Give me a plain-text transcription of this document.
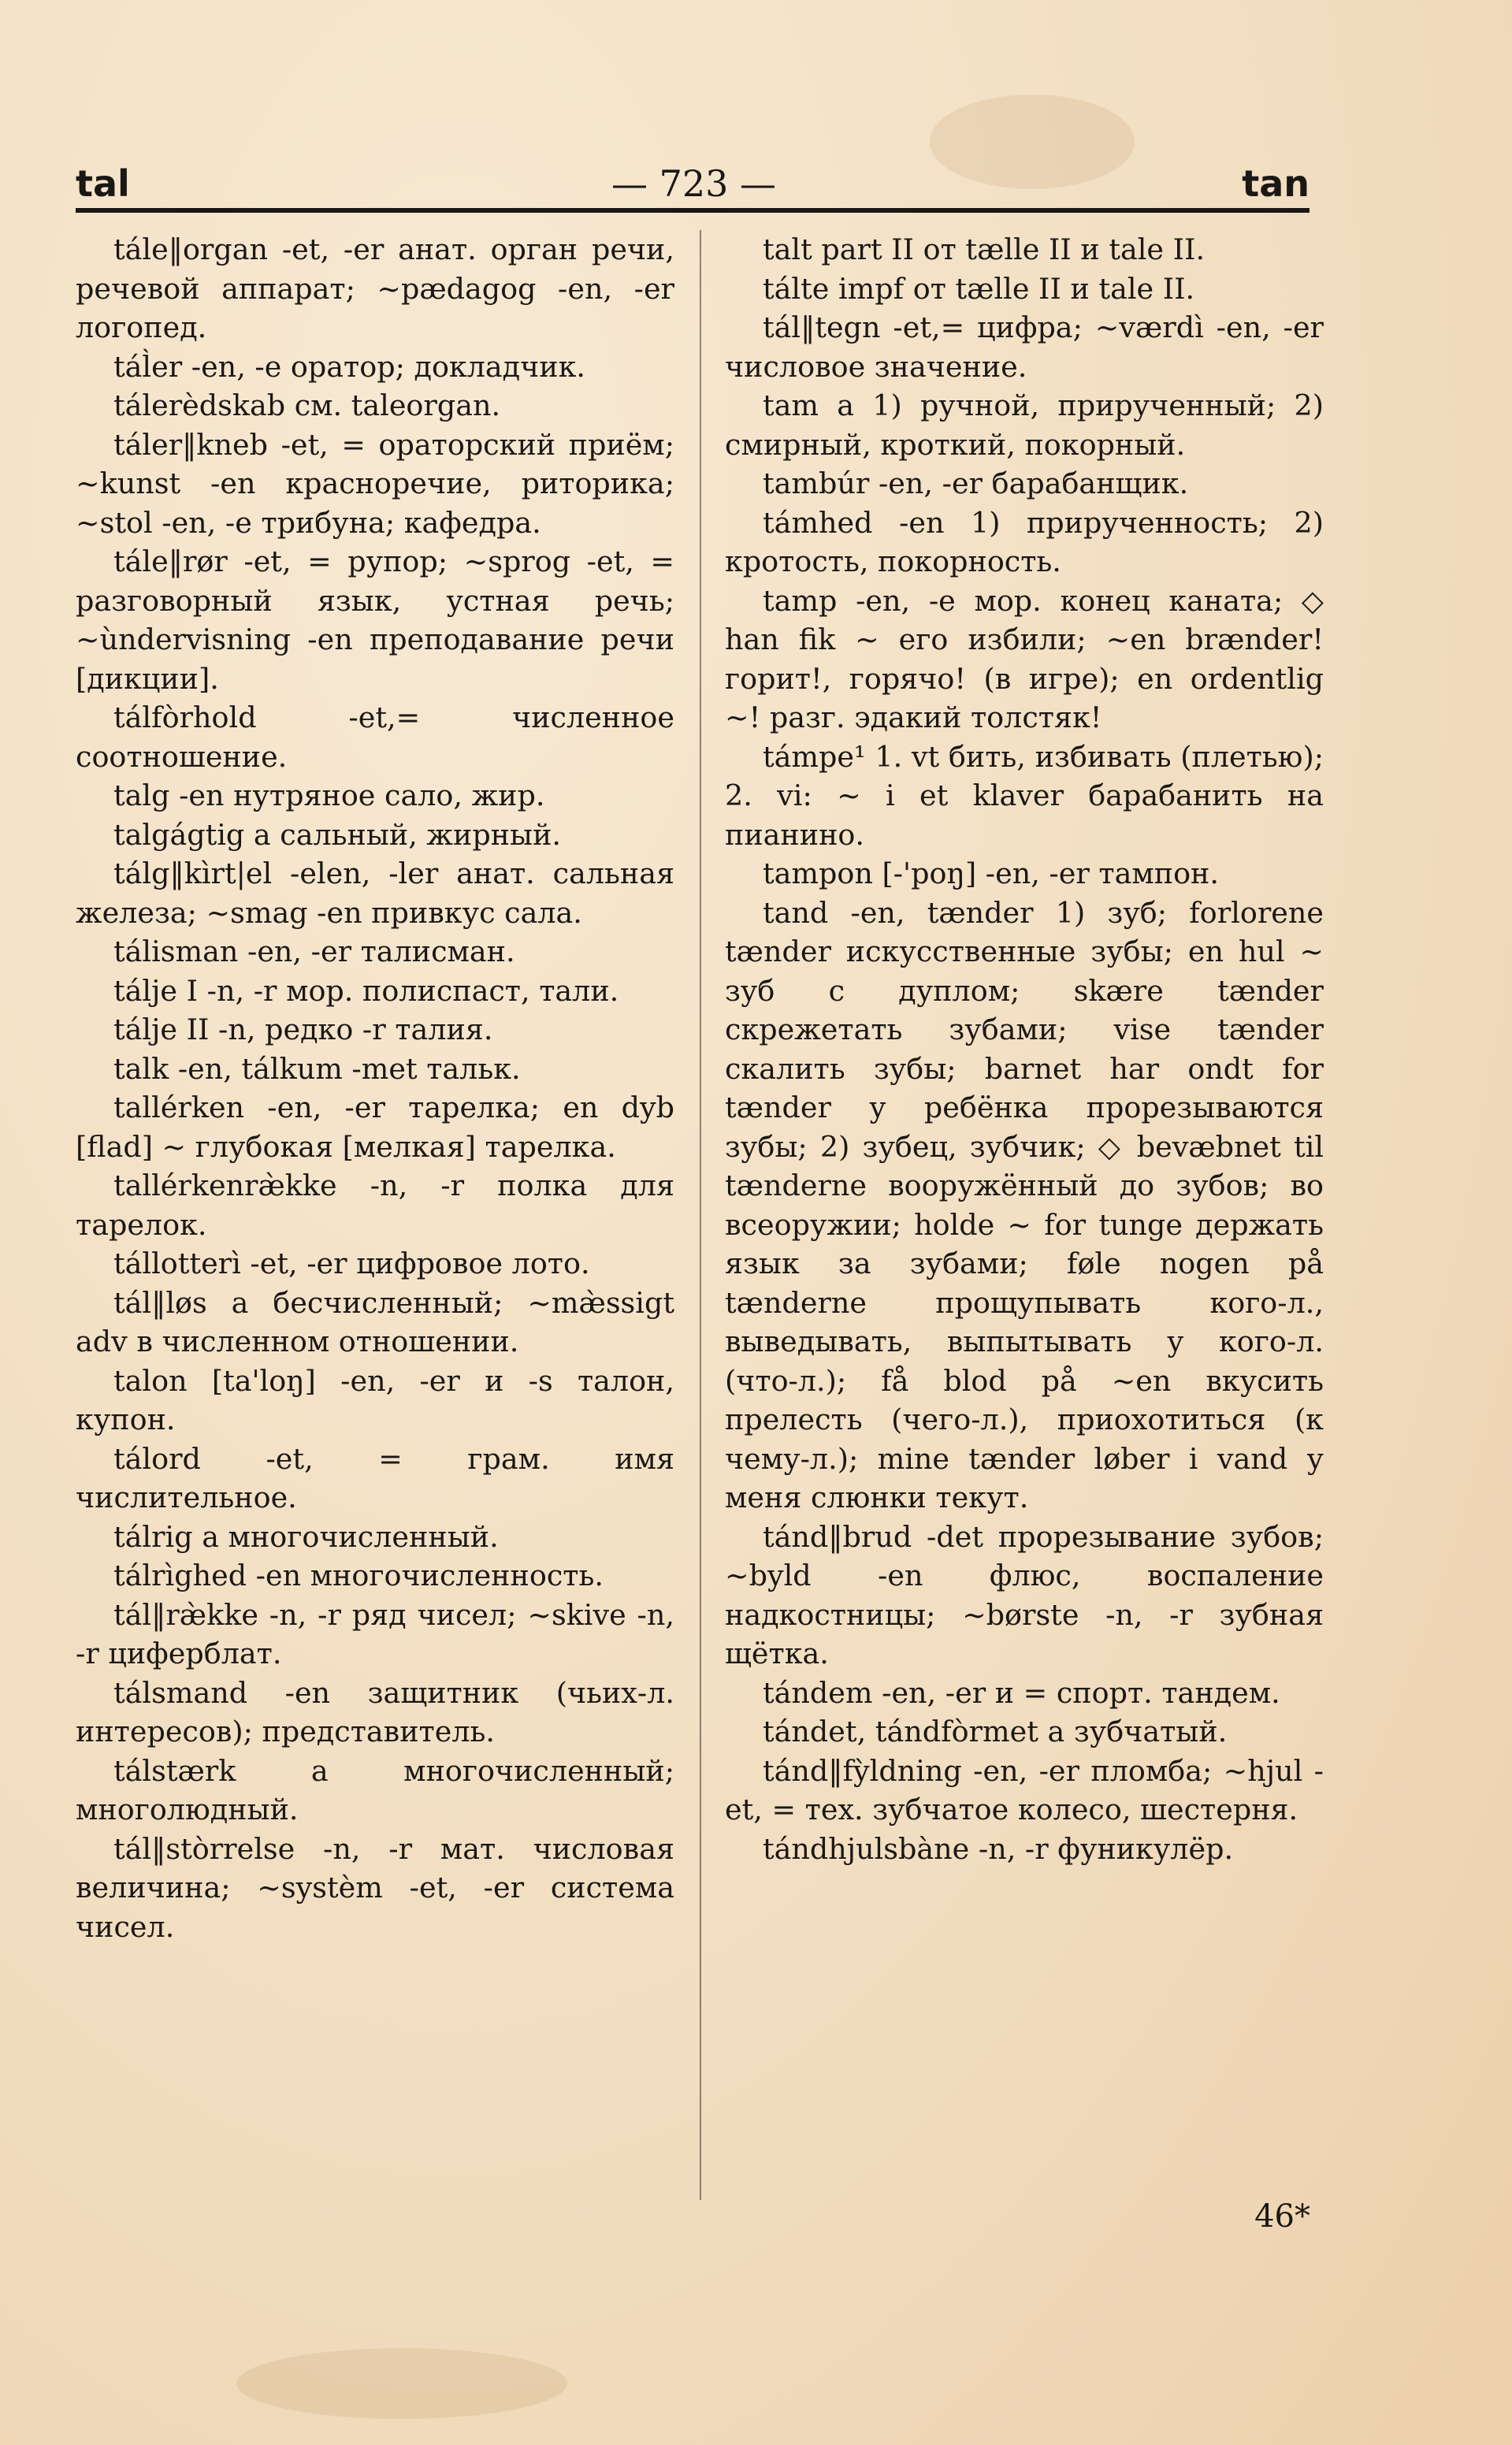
tal	— 723 —	tan

tále‖organ -et, -er анат. орган речи, речевой аппарат; ~pædagog -en, -er логопед.

tál̀er -en, -e оратор; докладчик.

tálerèdskab см. taleorgan.

táler‖kneb -et, = ораторский приём; ~kunst -en красноречие, риторика; ~stol -en, -e трибуна; кафедра.

tále‖rør -et, = рупор; ~sprog -et, = разговорный язык, устная речь; ~ùndervisning -en преподавание речи [дикции].

tálfòrhold -et,= численное соотношение.

talg -en нутряное сало, жир.

talgágtig a сальный, жирный.

tálg‖kìrt|el -elen, -ler анат. сальная железа; ~smag -en привкус сала.

tálisman -en, -er талисман.

tálje I -n, -r мор. полиспаст, тали.

tálje II -n, редко -r талия.

talk -en, tálkum -met тальк.

tallérken -en, -er тарелка; en dyb [flad] ~ глубокая [мелкая] тарелка.

tallérkenræ̀kke -n, -r полка для тарелок.

tállotterì -et, -er цифровое лото.

tál‖løs a бесчисленный; ~mæ̀ssigt adv в численном отношении.

talon [ta'loŋ] -en, -er и -s талон, купон.

tálord -et, = грам. имя числительное.

tálrig a многочисленный.

tálrìghed -en многочисленность.

tál‖ræ̀kke -n, -r ряд чисел; ~skive -n, -r циферблат.

tálsmand -en защитник (чьих-л. интересов); представитель.

tálstærk a многочисленный; многолюдный.

tál‖stòrrelse -n, -r мат. числовая величина; ~systèm -et, -er система чисел.

talt part II от tælle II и tale II.

tálte impf от tælle II и tale II.

tál‖tegn -et,= цифра; ~værdì -en, -er числовое значение.

tam a 1) ручной, прирученный; 2) смирный, кроткий, покорный.

tambúr -en, -er барабанщик.

támhed -en 1) прирученность; 2) кротость, покорность.

tamp -en, -e мор. конец каната; ◇ han fik ~ его избили; ~en brænder! горит!, горячо! (в игре); en ordentlig ~! разг. эдакий толстяк!

támpe¹ 1. vt бить, избивать (плетью); 2. vi: ~ i et klaver барабанить на пианино.

tampon [-'poŋ] -en, -er тампон.

tand -en, tænder 1) зуб; forlorene tænder искусственные зубы; en hul ~ зуб с дуплом; skære tænder скрежетать зубами; vise tænder скалить зубы; barnet har ondt for tænder у ребёнка прорезываются зубы; 2) зубец, зубчик; ◇ bevæbnet til tænderne вооружённый до зубов; во всеоружии; holde ~ for tunge держать язык за зубами; føle nogen på tænderne прощупывать кого-л., выведывать, выпытывать у кого-л. (что-л.); få blod på ~en вкусить прелесть (чего-л.), приохотиться (к чему-л.); mine tænder løber i vand у меня слюнки текут.

tánd‖brud -det прорезывание зубов; ~byld -en флюс, воспаление надкостницы; ~børste -n, -r зубная щётка.

tándem -en, -er и = спорт. тандем.

tándet, tándfòrmet a зубчатый.

tánd‖fỳldning -en, -er пломба; ~hjul -et, = тех. зубчатое колесо, шестерня.

tándhjulsbàne -n, -r фуникулёр.

46*
